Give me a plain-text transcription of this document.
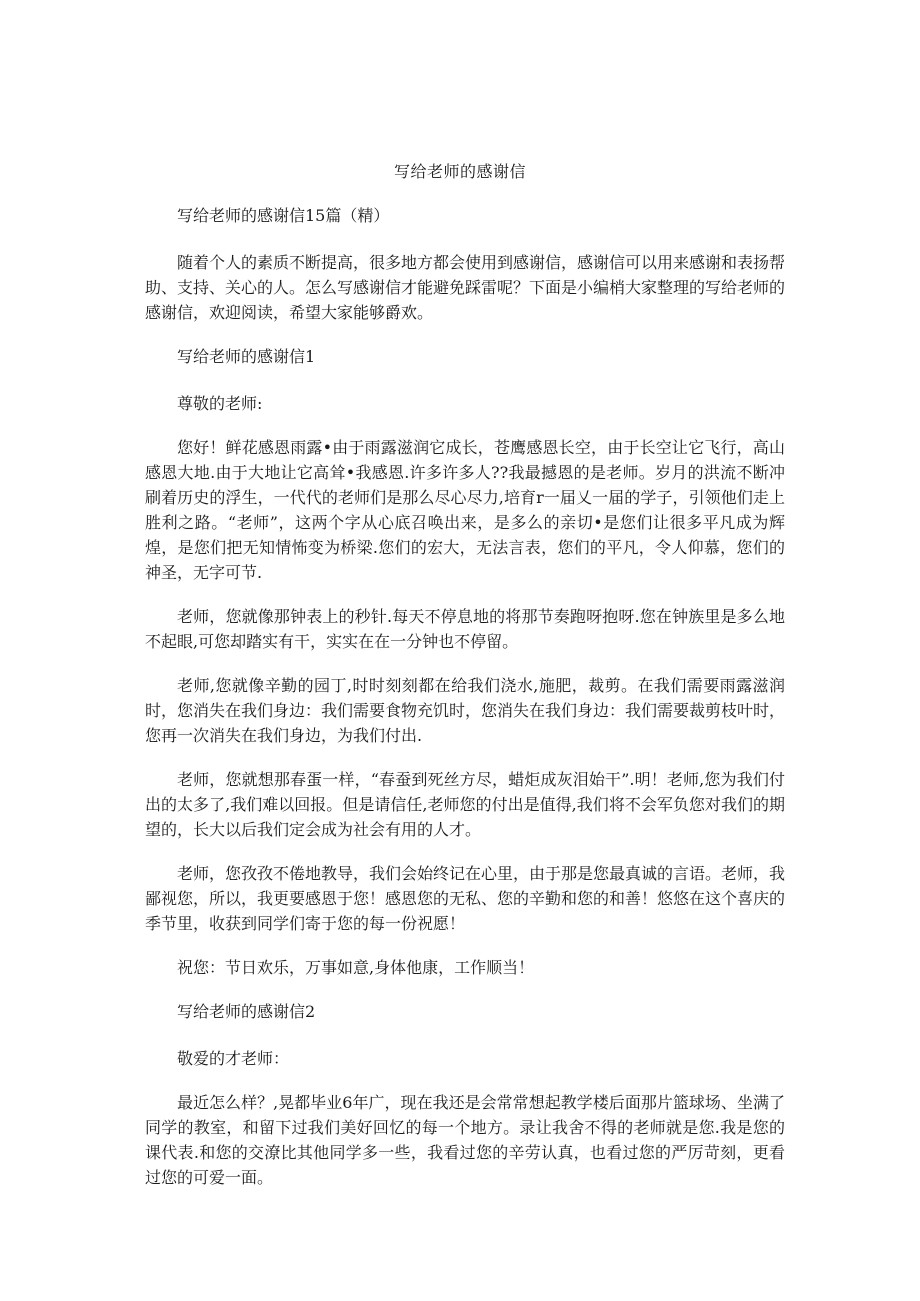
写给老师的感谢信

写给老师的感谢信15篇（精）

随着个人的素质不断提高，很多地方都会使用到感谢信，感谢信可以用来感谢和表扬帮助、支持、关心的人。怎么写感谢信才能避免踩雷呢？下面是小编梢大家整理的写给老师的感谢信，欢迎阅读，希望大家能够爵欢。

写给老师的感谢信1

尊敬的老师:

您好！鲜花感恩雨露•由于雨露滋润它成长，苍鹰感恩长空，由于长空让它飞行，高山感恩大地.由于大地让它高耸•我感恩.许多许多人??我最撼恩的是老师。岁月的洪流不断冲刷着历史的浮生，一代代的老师们是那么尽心尽力,培育r一届乂一届的学子，引领他们走上胜利之路。“老师”，这两个字从心底召唤出来，是多么的亲切•是您们让很多平凡成为辉煌，是您们把无知情怖变为桥梁.您们的宏大，无法言表，您们的平凡，令人仰慕，您们的神圣，无字可节.

老师，您就像那钟表上的秒针.每天不停息地的将那节奏跑呀抱呀.您在钟族里是多么地不起眼,可您却踏实有干，实实在在一分钟也不停留。

老师,您就像辛勤的园丁,时时刻刻都在给我们浇水,施肥，裁剪。在我们需要雨露滋润时，您消失在我们身边：我们需要食物充饥时，您消失在我们身边：我们需要裁剪枝叶时，您再一次消失在我们身边，为我们付出.

老师，您就想那春蛋一样，“春蚕到死丝方尽，蜡炬成灰泪始干”.明！老师,您为我们付出的太多了,我们难以回报。但是请信任,老师您的付出是值得,我们将不会军负您对我们的期望的，长大以后我们定会成为社会有用的人才。

老师，您孜孜不倦地教导，我们会始终记在心里，由于那是您最真诚的言语。老师，我鄙视您，所以，我更要感恩于您！感恩您的无私、您的辛勤和您的和善！悠悠在这个喜庆的季节里，收获到同学们寄于您的每一份祝愿！

祝您：节日欢乐，万事如意,身体他康，工作顺当！

写给老师的感谢信2

敬爱的才老师：

最近怎么样？,晃都毕业6年广，现在我还是会常常想起教学楼后面那片篮球场、坐满了同学的教室，和留下过我们美好回忆的每一个地方。录让我舍不得的老师就是您.我是您的课代表.和您的交潦比其他同学多一些，我看过您的辛劳认真，也看过您的严厉苛刻，更看过您的可爱一面。
